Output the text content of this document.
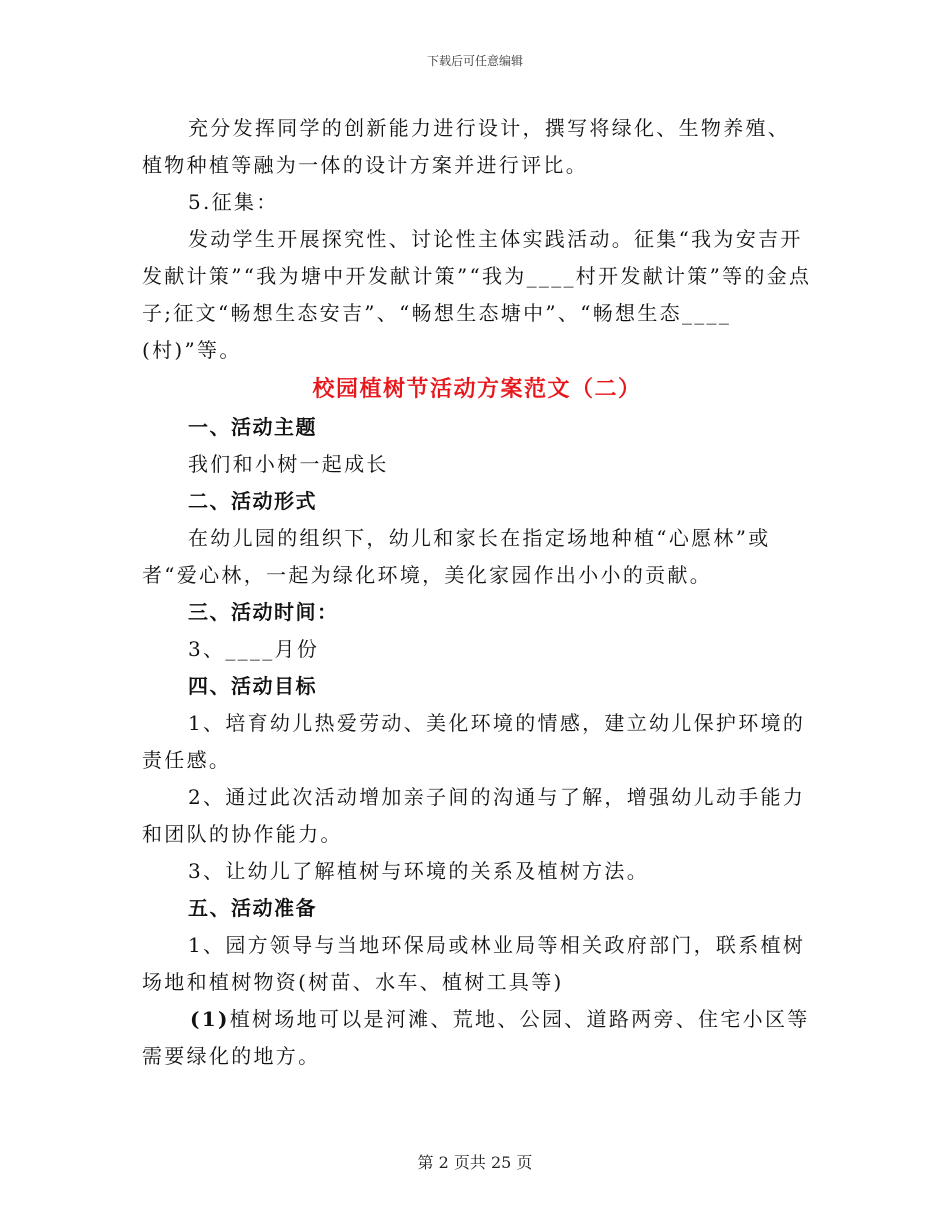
下载后可任意编辑

充分发挥同学的创新能力进行设计，撰写将绿化、生物养殖、植物种植等融为一体的设计方案并进行评比。

5.征集：

发动学生开展探究性、讨论性主体实践活动。征集“我为安吉开发献计策”“我为塘中开发献计策”“我为____村开发献计策”等的金点子;征文“畅想生态安吉”、“畅想生态塘中”、“畅想生态____(村)”等。

校园植树节活动方案范文（二）

一、活动主题

我们和小树一起成长

二、活动形式

在幼儿园的组织下，幼儿和家长在指定场地种植“心愿林”或者“爱心林，一起为绿化环境，美化家园作出小小的贡献。

三、活动时间：

3、____月份

四、活动目标

1、培育幼儿热爱劳动、美化环境的情感，建立幼儿保护环境的责任感。

2、通过此次活动增加亲子间的沟通与了解，增强幼儿动手能力和团队的协作能力。

3、让幼儿了解植树与环境的关系及植树方法。

五、活动准备

1、园方领导与当地环保局或林业局等相关政府部门，联系植树场地和植树物资(树苗、水车、植树工具等)

(1)植树场地可以是河滩、荒地、公园、道路两旁、住宅小区等需要绿化的地方。

第 2 页共 25 页
